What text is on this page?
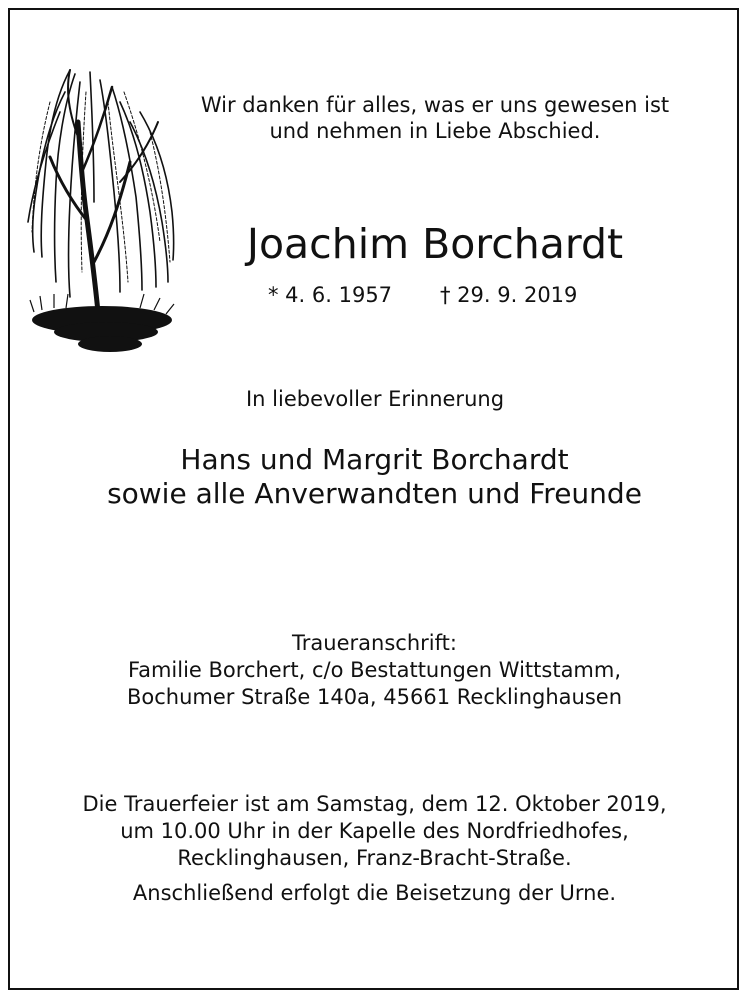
Wir danken für alles, was er uns gewesen ist
und nehmen in Liebe Abschied.
Joachim Borchardt
* 4. 6. 1957	† 29. 9. 2019
In liebevoller Erinnerung
Hans und Margrit Borchardt
sowie alle Anverwandten und Freunde
Traueranschrift:
Familie Borchert, c/o Bestattungen Wittstamm,
Bochumer Straße 140a, 45661 Recklinghausen
Die Trauerfeier ist am Samstag, dem 12. Oktober 2019,
um 10.00 Uhr in der Kapelle des Nordfriedhofes,
Recklinghausen, Franz-Bracht-Straße.
Anschließend erfolgt die Beisetzung der Urne.
